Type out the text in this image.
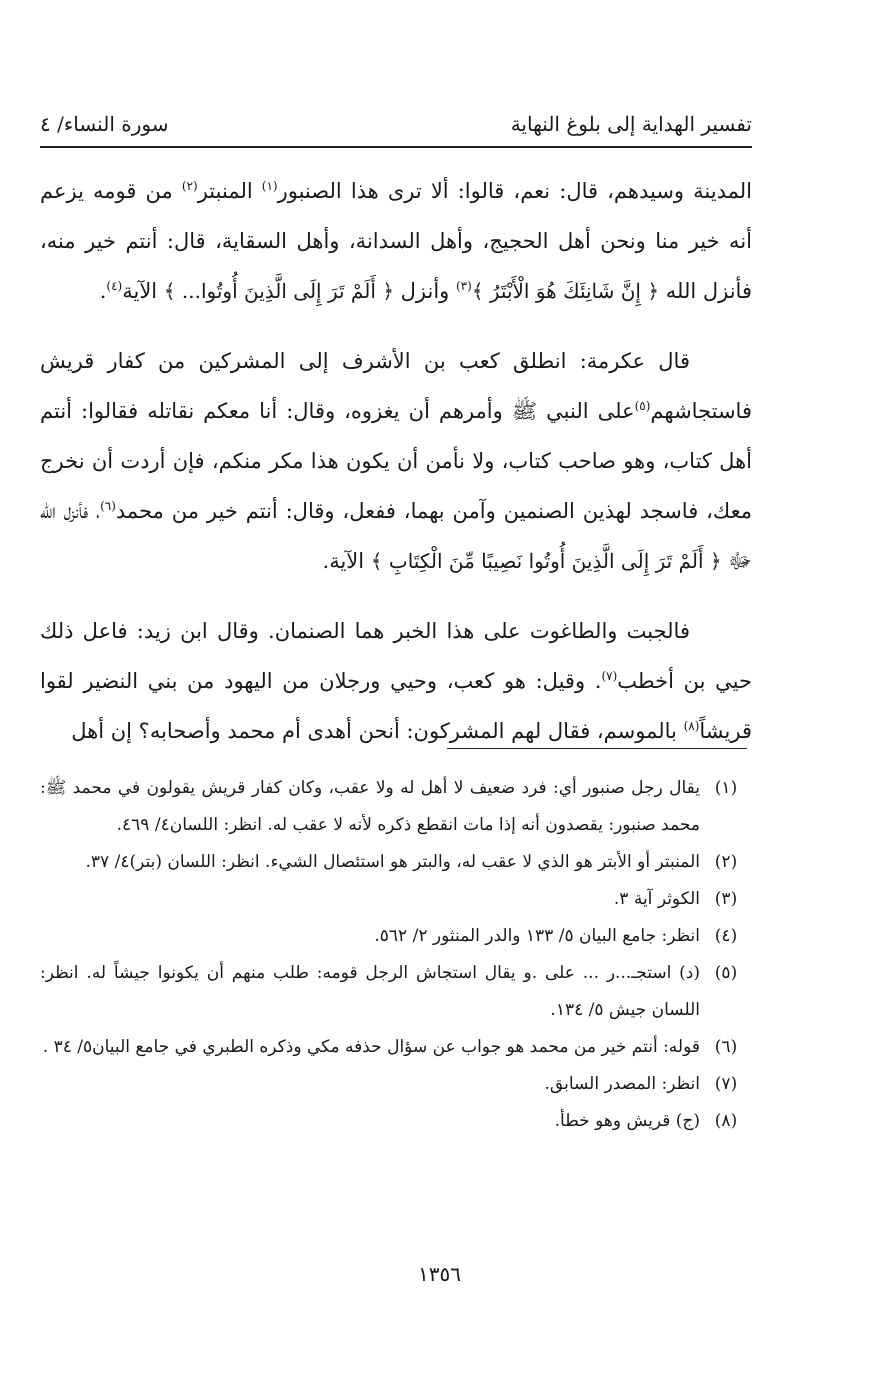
تفسير الهداية إلى بلوغ النهاية
سورة النساء/ ٤

المدينة وسيدهم، قال: نعم، قالوا: ألا ترى هذا الصنبور$^{(١)}$ المنبتر$^{(٢)}$ من قومه يزعم أنه خير منا ونحن أهل الحجيج، وأهل السدانة، وأهل السقاية، قال: أنتم خير منه، فأنزل الله ﴿ إِنَّ شَانِئَكَ هُوَ الْأَبْتَرُ ﴾$^{(٣)}$ وأنزل ﴿ أَلَمْ تَرَ إِلَى الَّذِينَ أُوتُوا... ﴾ الآية$^{(٤)}$.

قال عكرمة: انطلق كعب بن الأشرف إلى المشركين من كفار قريش فاستجاشهم$^{(٥)}$على النبي ﷺ وأمرهم أن يغزوه، وقال: أنا معكم نقاتله فقالوا: أنتم أهل كتاب، وهو صاحب كتاب، ولا نأمن أن يكون هذا مكر منكم، فإن أردت أن نخرج معك، فاسجد لهذين الصنمين وآمن بهما، ففعل، وقال: أنتم خير من محمد$^{(٦)}$، فأنزل الله ﷻ ﴿ أَلَمْ تَرَ إِلَى الَّذِينَ أُوتُوا نَصِيبًا مِّنَ الْكِتَابِ ﴾ الآية.

فالجبت والطاغوت على هذا الخبر هما الصنمان. وقال ابن زيد: فاعل ذلك حيي بن أخطب$^{(٧)}$. وقيل: هو كعب، وحيي ورجلان من اليهود من بني النضير لقوا قريشاً$^{(٨)}$ بالموسم، فقال لهم المشركون: أنحن أهدى أم محمد وأصحابه؟ إن أهل

(١)
يقال رجل صنبور أي: فرد ضعيف لا أهل له ولا عقب، وكان كفار قريش يقولون في محمد ﷺ: محمد صنبور: يقصدون أنه إذا مات انقطع ذكره لأنه لا عقب له. انظر: اللسان٤/ ٤٦٩.
(٢)
المنبتر أو الأبتر هو الذي لا عقب له، والبتر هو استئصال الشيء. انظر: اللسان (بتر)٤/ ٣٧.
(٣)
الكوثر آية ٣.
(٤)
انظر: جامع البيان ٥/ ١٣٣ والدر المنثور ٢/ ٥٦٢.
(٥)
(د) استجـ...ر ... على .و يقال استجاش الرجل قومه: طلب منهم أن يكونوا جيشاً له. انظر: اللسان جيش ٥/ ١٣٤.
(٦)
قوله: أنتم خير من محمد هو جواب عن سؤال حذفه مكي وذكره الطبري في جامع البيان٥/ ٣٤ .
(٧)
انظر: المصدر السابق.
(٨)
(ج) قريش وهو خطأ.
١٣٥٦
